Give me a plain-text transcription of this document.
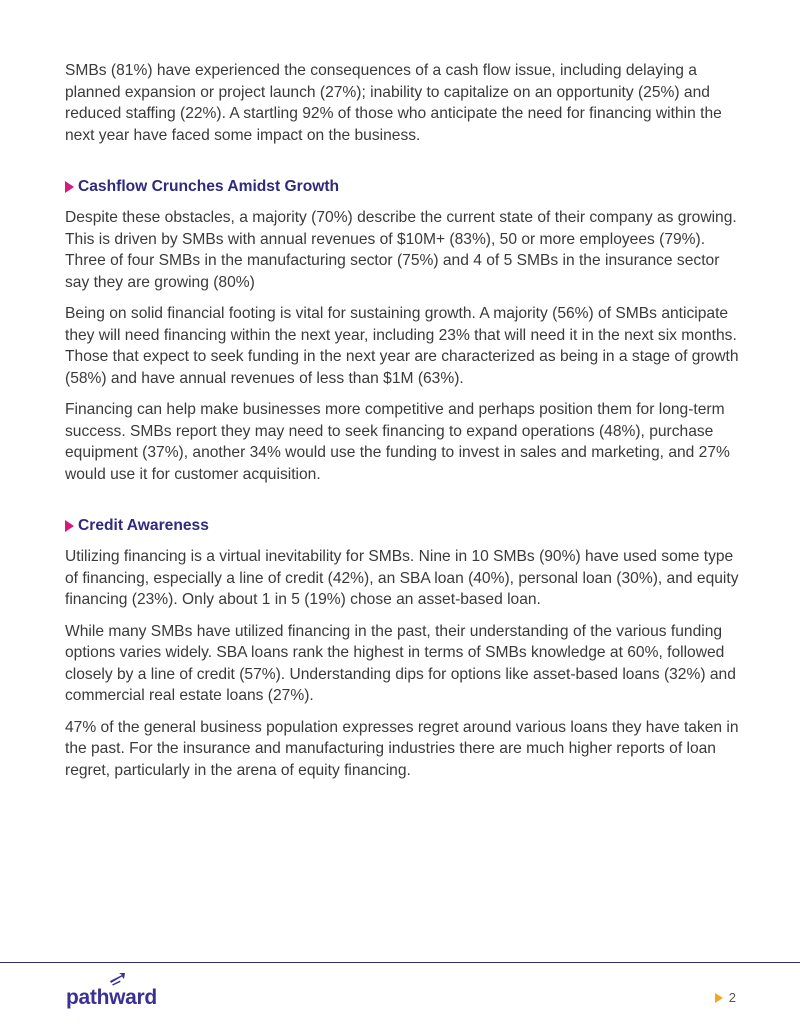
SMBs (81%) have experienced the consequences of a cash flow issue, including delaying a planned expansion or project launch (27%); inability to capitalize on an opportunity (25%) and reduced staffing (22%). A startling 92% of those who anticipate the need for financing within the next year have faced some impact on the business.

Cashflow Crunches Amidst Growth

Despite these obstacles, a majority (70%) describe the current state of their company as growing. This is driven by SMBs with annual revenues of $10M+ (83%), 50 or more employees (79%). Three of four SMBs in the manufacturing sector (75%) and 4 of 5 SMBs in the insurance sector say they are growing (80%)

Being on solid financial footing is vital for sustaining growth. A majority (56%) of SMBs anticipate they will need financing within the next year, including 23% that will need it in the next six months. Those that expect to seek funding in the next year are characterized as being in a stage of growth (58%) and have annual revenues of less than $1M (63%).

Financing can help make businesses more competitive and perhaps position them for long-term success. SMBs report they may need to seek financing to expand operations (48%), purchase equipment (37%), another 34% would use the funding to invest in sales and marketing, and 27% would use it for customer acquisition.

Credit Awareness

Utilizing financing is a virtual inevitability for SMBs. Nine in 10 SMBs (90%) have used some type of financing, especially a line of credit (42%), an SBA loan (40%), personal loan (30%), and equity financing (23%). Only about 1 in 5 (19%) chose an asset-based loan.

While many SMBs have utilized financing in the past, their understanding of the various funding options varies widely. SBA loans rank the highest in terms of SMBs knowledge at 60%, followed closely by a line of credit (57%). Understanding dips for options like asset-based loans (32%) and commercial real estate loans (27%).

47% of the general business population expresses regret around various loans they have taken in the past. For the insurance and manufacturing industries there are much higher reports of loan regret, particularly in the arena of equity financing.

pathward	2
